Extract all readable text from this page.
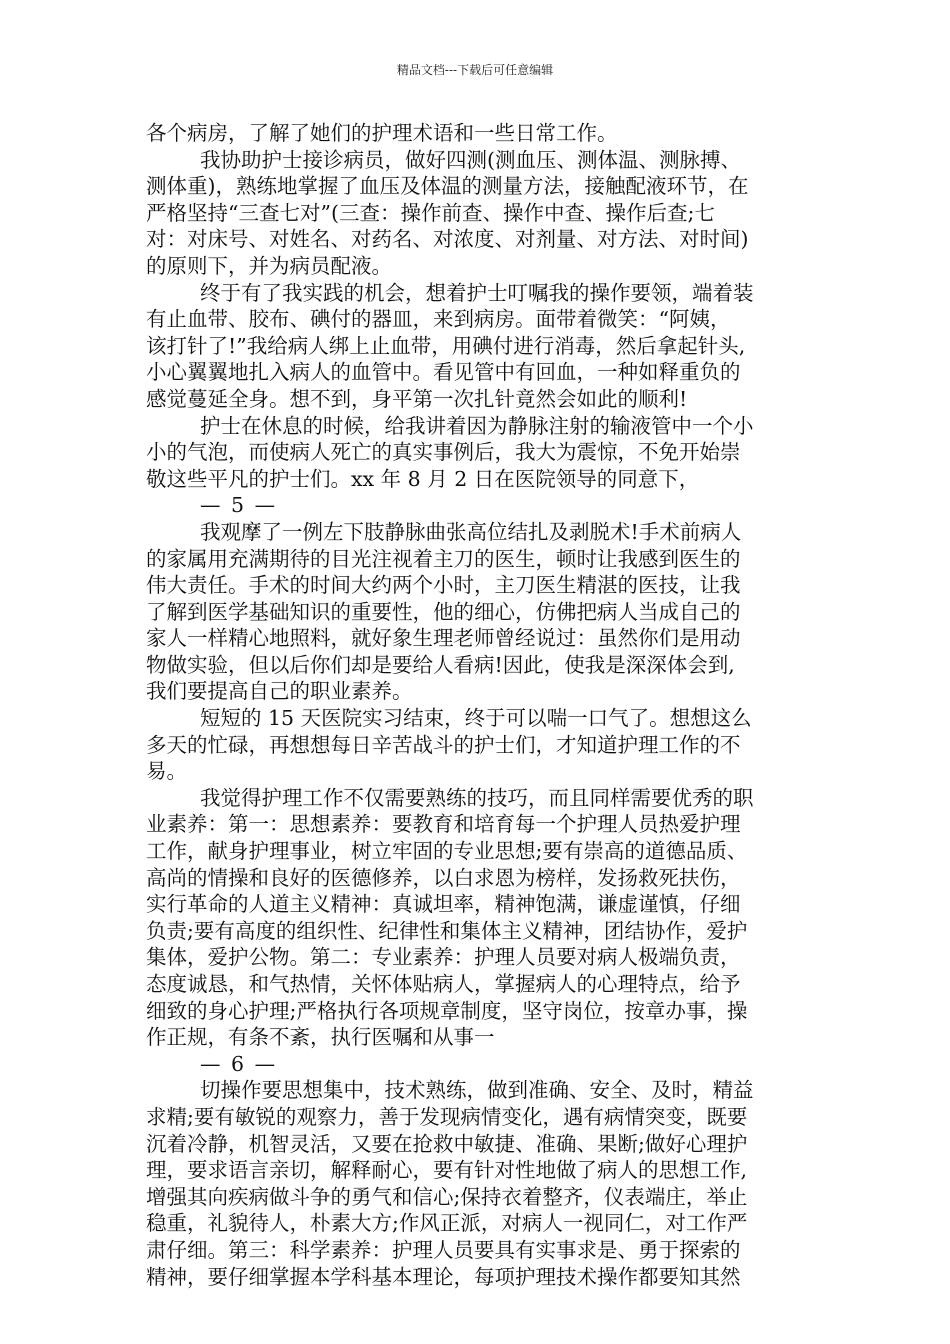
精品文档---下载后可任意编辑
各个病房，了解了她们的护理术语和一些日常工作。
我协助护士接诊病员，做好四测(测血压、测体温、测脉搏、
测体重)，熟练地掌握了血压及体温的测量方法，接触配液环节，在
严格坚持“三查七对”(三查：操作前查、操作中查、操作后查;七
对：对床号、对姓名、对药名、对浓度、对剂量、对方法、对时间)
的原则下，并为病员配液。
终于有了我实践的机会，想着护士叮嘱我的操作要领，端着装
有止血带、胶布、碘付的器皿，来到病房。面带着微笑：“阿姨，
该打针了!”我给病人绑上止血带，用碘付进行消毒，然后拿起针头,
小心翼翼地扎入病人的血管中。看见管中有回血，一种如释重负的
感觉蔓延全身。想不到，身平第一次扎针竟然会如此的顺利!
护士在休息的时候，给我讲着因为静脉注射的输液管中一个小
小的气泡，而使病人死亡的真实事例后，我大为震惊，不免开始崇
敬这些平凡的护士们。xx 年 8 月 2 日在医院领导的同意下，
— 5 —
我观摩了一例左下肢静脉曲张高位结扎及剥脱术!手术前病人
的家属用充满期待的目光注视着主刀的医生，顿时让我感到医生的
伟大责任。手术的时间大约两个小时，主刀医生精湛的医技，让我
了解到医学基础知识的重要性，他的细心，仿佛把病人当成自己的
家人一样精心地照料，就好象生理老师曾经说过：虽然你们是用动
物做实验，但以后你们却是要给人看病!因此，使我是深深体会到,
我们要提高自己的职业素养。
短短的 15 天医院实习结束，终于可以喘一口气了。想想这么
多天的忙碌，再想想每日辛苦战斗的护士们，才知道护理工作的不
易。
我觉得护理工作不仅需要熟练的技巧，而且同样需要优秀的职
业素养：第一：思想素养：要教育和培育每一个护理人员热爱护理
工作，献身护理事业，树立牢固的专业思想;要有崇高的道德品质、
高尚的情操和良好的医德修养，以白求恩为榜样，发扬救死扶伤，
实行革命的人道主义精神：真诚坦率，精神饱满，谦虚谨慎，仔细
负责;要有高度的组织性、纪律性和集体主义精神，团结协作，爱护
集体，爱护公物。第二：专业素养：护理人员要对病人极端负责，
态度诚恳，和气热情，关怀体贴病人，掌握病人的心理特点，给予
细致的身心护理;严格执行各项规章制度，坚守岗位，按章办事，操
作正规，有条不紊，执行医嘱和从事一
— 6 —
切操作要思想集中，技术熟练，做到准确、安全、及时，精益
求精;要有敏锐的观察力，善于发现病情变化，遇有病情突变，既要
沉着冷静，机智灵活，又要在抢救中敏捷、准确、果断;做好心理护
理，要求语言亲切，解释耐心，要有针对性地做了病人的思想工作,
增强其向疾病做斗争的勇气和信心;保持衣着整齐，仪表端庄，举止
稳重，礼貌待人，朴素大方;作风正派，对病人一视同仁，对工作严
肃仔细。第三：科学素养：护理人员要具有实事求是、勇于探索的
精神，要仔细掌握本学科基本理论，每项护理技术操作都要知其然
